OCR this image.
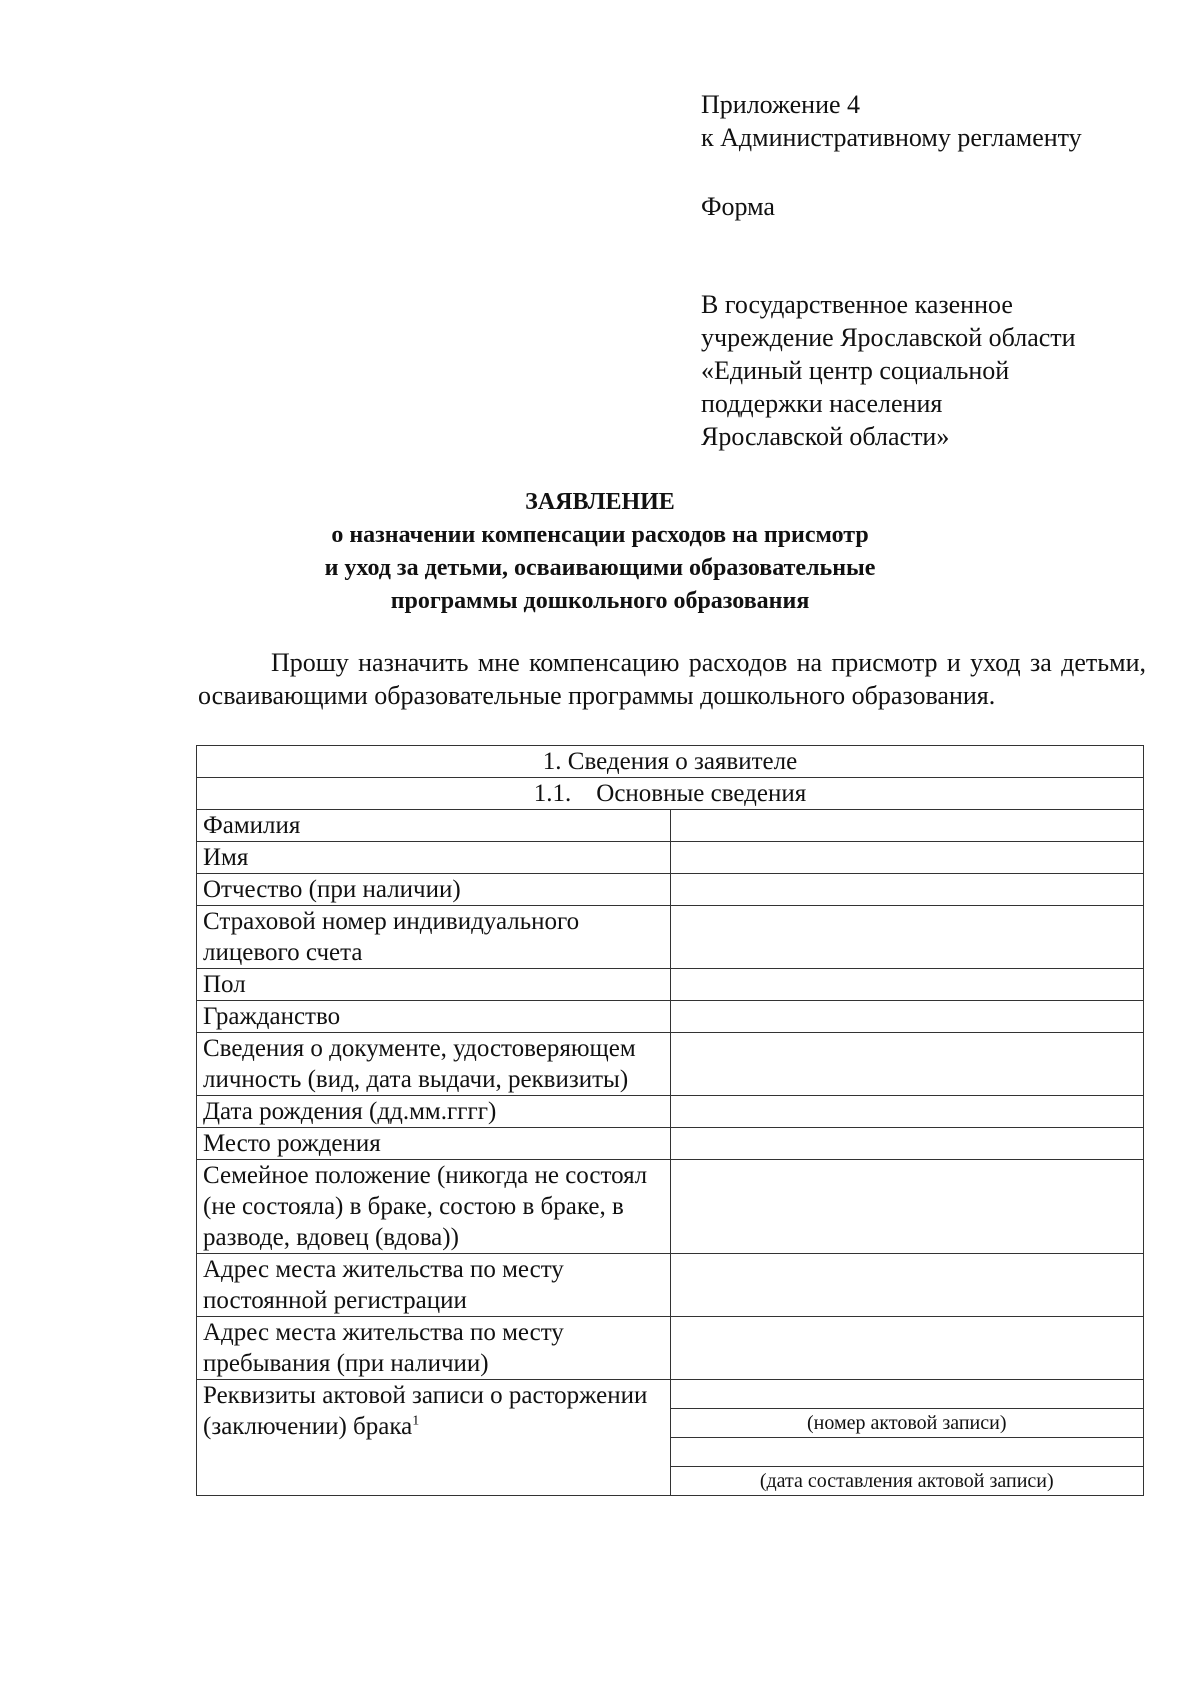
Приложение 4
к Административному регламенту
Форма
В государственное казенное
учреждение Ярославской области
«Единый центр социальной
поддержки населения
Ярославской области»
ЗАЯВЛЕНИЕ
о назначении компенсации расходов на присмотр
и уход за детьми, осваивающими образовательные
программы дошкольного образования
Прошу назначить мне компенсацию расходов на присмотр и уход за детьми, осваивающими образовательные программы дошкольного образования.
1. Сведения о заявителе	
1.1.    Основные сведения	
Фамилия	
Имя	
Отчество (при наличии)	
Страховой номер индивидуального лицевого счета	
Пол	
Гражданство	
Сведения о документе, удостоверяющем личность (вид, дата выдачи, реквизиты)	
Дата рождения (дд.мм.гггг)	
Место рождения	
Семейное положение (никогда не состоял (не состояла) в браке, состою в браке, в разводе, вдовец (вдова))	
Адрес места жительства по месту постоянной регистрации	
Адрес места жительства по месту пребывания (при наличии)	
Реквизиты актовой записи о расторжении (заключении) брака$^1$	
	(номер актовой записи)

	(дата составления актовой записи)
